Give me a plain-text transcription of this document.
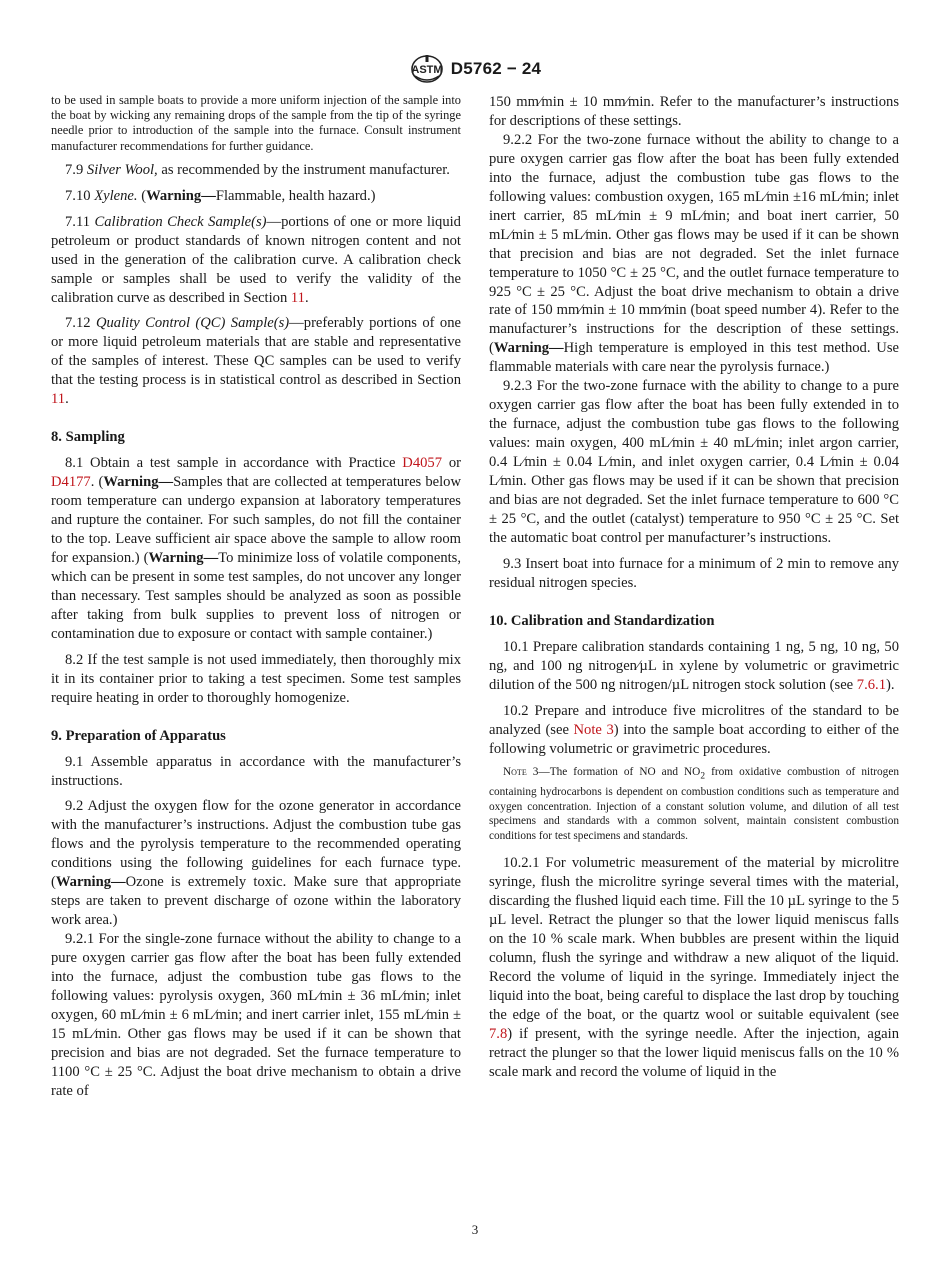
ASTM D5762 − 24

to be used in sample boats to provide a more uniform injection of the sample into the boat by wicking any remaining drops of the sample from the tip of the syringe needle prior to introduction of the sample into the furnace. Consult instrument manufacturer recommendations for further guidance.

7.9 Silver Wool, as recommended by the instrument manufacturer.

7.10 Xylene. (Warning—Flammable, health hazard.)

7.11 Calibration Check Sample(s)—portions of one or more liquid petroleum or product standards of known nitrogen content and not used in the generation of the calibration curve. A calibration check sample or samples shall be used to verify the validity of the calibration curve as described in Section 11.

7.12 Quality Control (QC) Sample(s)—preferably portions of one or more liquid petroleum materials that are stable and representative of the samples of interest. These QC samples can be used to verify that the testing process is in statistical control as described in Section 11.

8. Sampling

8.1 Obtain a test sample in accordance with Practice D4057 or D4177. (Warning—Samples that are collected at temperatures below room temperature can undergo expansion at laboratory temperatures and rupture the container. For such samples, do not fill the container to the top. Leave sufficient air space above the sample to allow room for expansion.) (Warning—To minimize loss of volatile components, which can be present in some test samples, do not uncover any longer than necessary. Test samples should be analyzed as soon as possible after taking from bulk supplies to prevent loss of nitrogen or contamination due to exposure or contact with sample container.)

8.2 If the test sample is not used immediately, then thoroughly mix it in its container prior to taking a test specimen. Some test samples require heating in order to thoroughly homogenize.

9. Preparation of Apparatus

9.1 Assemble apparatus in accordance with the manufacturer’s instructions.

9.2 Adjust the oxygen flow for the ozone generator in accordance with the manufacturer’s instructions. Adjust the combustion tube gas flows and the pyrolysis temperature to the recommended operating conditions using the following guidelines for each furnace type. (Warning—Ozone is extremely toxic. Make sure that appropriate steps are taken to prevent discharge of ozone within the laboratory work area.)

9.2.1 For the single-zone furnace without the ability to change to a pure oxygen carrier gas flow after the boat has been fully extended into the furnace, adjust the combustion tube gas flows to the following values: pyrolysis oxygen, 360 mL⁄min ± 36 mL⁄min; inlet oxygen, 60 mL⁄min ± 6 mL⁄min; and inert carrier inlet, 155 mL⁄min ± 15 mL⁄min. Other gas flows may be used if it can be shown that precision and bias are not degraded. Set the furnace temperature to 1100 °C ± 25 °C. Adjust the boat drive mechanism to obtain a drive rate of

150 mm⁄min ± 10 mm⁄min. Refer to the manufacturer’s instructions for descriptions of these settings.

9.2.2 For the two-zone furnace without the ability to change to a pure oxygen carrier gas flow after the boat has been fully extended into the furnace, adjust the combustion tube gas flows to the following values: combustion oxygen, 165 mL⁄min ±16 mL⁄min; inlet inert carrier, 85 mL⁄min ± 9 mL⁄min; and boat inert carrier, 50 mL⁄min ± 5 mL⁄min. Other gas flows may be used if it can be shown that precision and bias are not degraded. Set the inlet furnace temperature to 1050 °C ± 25 °C, and the outlet furnace temperature to 925 °C ± 25 °C. Adjust the boat drive mechanism to obtain a drive rate of 150 mm⁄min ± 10 mm⁄min (boat speed number 4). Refer to the manufacturer’s instructions for the description of these settings. (Warning—High temperature is employed in this test method. Use flammable materials with care near the pyrolysis furnace.)

9.2.3 For the two-zone furnace with the ability to change to a pure oxygen carrier gas flow after the boat has been fully extended in to the furnace, adjust the combustion tube gas flows to the following values: main oxygen, 400 mL⁄min ± 40 mL⁄min; inlet argon carrier, 0.4 L⁄min ± 0.04 L⁄min, and inlet oxygen carrier, 0.4 L⁄min ± 0.04 L⁄min. Other gas flows may be used if it can be shown that precision and bias are not degraded. Set the inlet furnace temperature to 600 °C ± 25 °C, and the outlet (catalyst) temperature to 950 °C ± 25 °C. Set the automatic boat control per manufacturer’s instructions.

9.3 Insert boat into furnace for a minimum of 2 min to remove any residual nitrogen species.

10. Calibration and Standardization

10.1 Prepare calibration standards containing 1 ng, 5 ng, 10 ng, 50 ng, and 100 ng nitrogen⁄µL in xylene by volumetric or gravimetric dilution of the 500 ng nitrogen/µL nitrogen stock solution (see 7.6.1).

10.2 Prepare and introduce five microlitres of the standard to be analyzed (see Note 3) into the sample boat according to either of the following volumetric or gravimetric procedures.

Note 3—The formation of NO and $NO_2$ from oxidative combustion of nitrogen containing hydrocarbons is dependent on combustion conditions such as temperature and oxygen concentration. Injection of a constant solution volume, and dilution of all test specimens and standards with a common solvent, maintain consistent combustion conditions for test specimens and standards.

10.2.1 For volumetric measurement of the material by microlitre syringe, flush the microlitre syringe several times with the material, discarding the flushed liquid each time. Fill the 10 µL syringe to the 5 µL level. Retract the plunger so that the lower liquid meniscus falls on the 10 % scale mark. When bubbles are present within the liquid column, flush the syringe and withdraw a new aliquot of the liquid. Record the volume of liquid in the syringe. Immediately inject the liquid into the boat, being careful to displace the last drop by touching the edge of the boat, or the quartz wool or suitable equivalent (see 7.8) if present, with the syringe needle. After the injection, again retract the plunger so that the lower liquid meniscus falls on the 10 % scale mark and record the volume of liquid in the

3
